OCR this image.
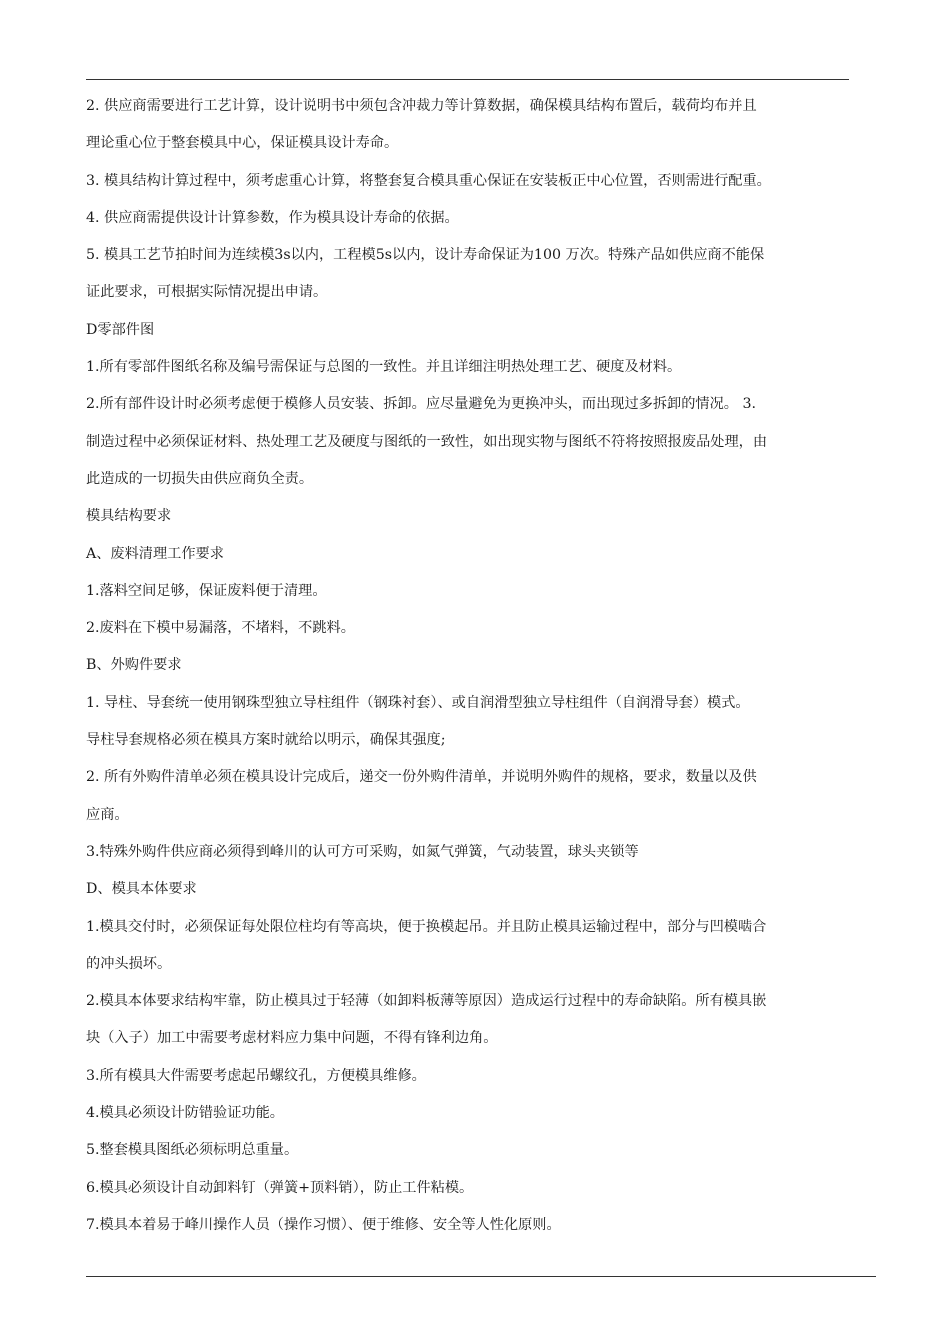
2. 供应商需要进行工艺计算，设计说明书中须包含冲裁力等计算数据，确保模具结构布置后，载荷均布并且
理论重心位于整套模具中心，保证模具设计寿命。
3. 模具结构计算过程中，须考虑重心计算，将整套复合模具重心保证在安装板正中心位置，否则需进行配重。
4. 供应商需提供设计计算参数，作为模具设计寿命的依据。
5. 模具工艺节拍时间为连续模3s以内，工程模5s以内，设计寿命保证为100 万次。特殊产品如供应商不能保
证此要求，可根据实际情况提出申请。
D零部件图
1.所有零部件图纸名称及编号需保证与总图的一致性。并且详细注明热处理工艺、硬度及材料。
2.所有部件设计时必须考虑便于模修人员安装、拆卸。应尽量避免为更换冲头，而出现过多拆卸的情况。 3.
制造过程中必须保证材料、热处理工艺及硬度与图纸的一致性，如出现实物与图纸不符将按照报废品处理，由
此造成的一切损失由供应商负全责。
模具结构要求
A、废料清理工作要求
1.落料空间足够，保证废料便于清理。
2.废料在下模中易漏落，不堵料，不跳料。
B、外购件要求
1. 导柱、导套统一使用钢珠型独立导柱组件（钢珠衬套）、或自润滑型独立导柱组件（自润滑导套）模式。
导柱导套规格必须在模具方案时就给以明示，确保其强度;
2. 所有外购件清单必须在模具设计完成后，递交一份外购件清单，并说明外购件的规格，要求，数量以及供
应商。
3.特殊外购件供应商必须得到峰川的认可方可采购，如氮气弹簧，气动装置，球头夹锁等
D、模具本体要求
1.模具交付时，必须保证每处限位柱均有等高块，便于换模起吊。并且防止模具运输过程中，部分与凹模啮合
的冲头损坏。
2.模具本体要求结构牢靠，防止模具过于轻薄（如卸料板薄等原因）造成运行过程中的寿命缺陷。所有模具嵌
块（入子）加工中需要考虑材料应力集中问题，不得有锋利边角。
3.所有模具大件需要考虑起吊螺纹孔，方便模具维修。
4.模具必须设计防错验证功能。
5.整套模具图纸必须标明总重量。
6.模具必须设计自动卸料钉（弹簧+顶料销），防止工件粘模。
7.模具本着易于峰川操作人员（操作习惯）、便于维修、安全等人性化原则。
